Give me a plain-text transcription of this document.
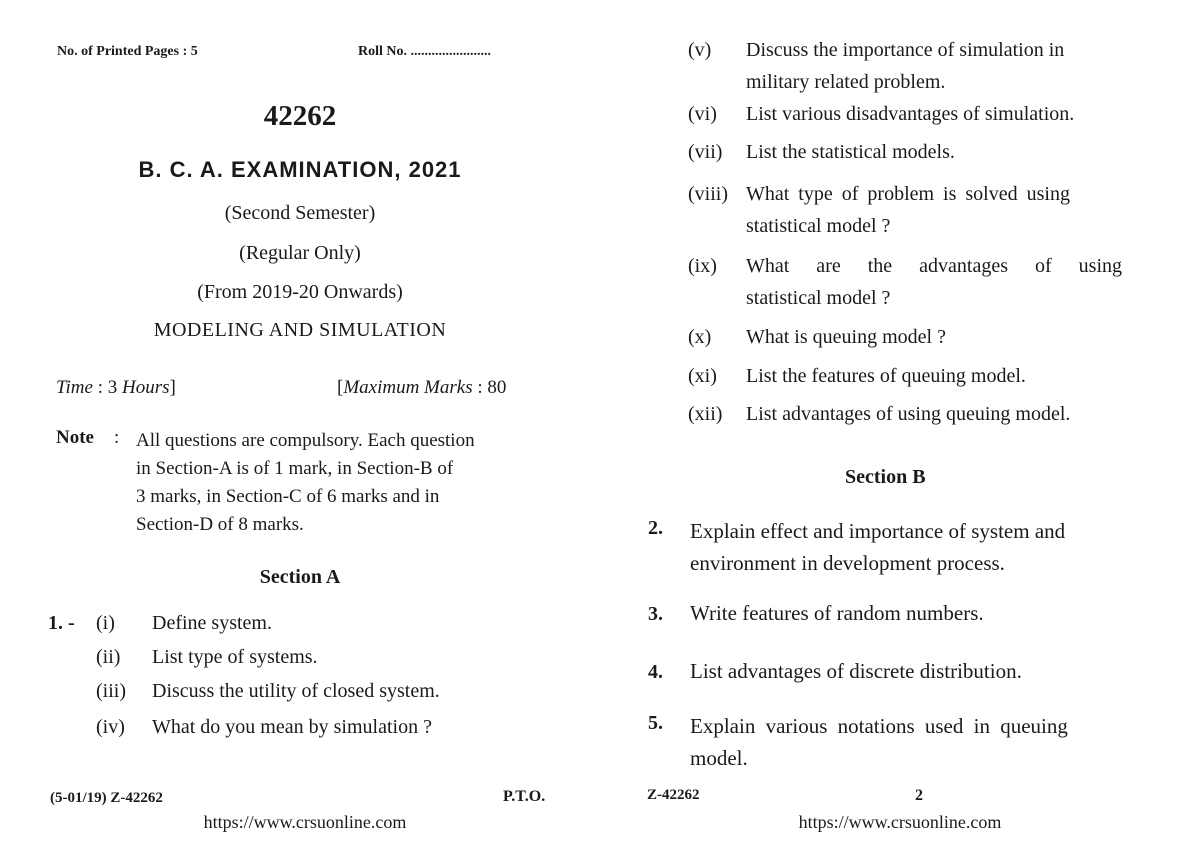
No. of Printed Pages : 5	Roll No. .......................
42262
B. C. A. EXAMINATION, 2021
(Second Semester)
(Regular Only)
(From 2019-20 Onwards)
MODELING AND SIMULATION
Time : 3 Hours]	[Maximum Marks : 80
Note : All questions are compulsory. Each question
in Section-A is of 1 mark, in Section-B of
3 marks, in Section-C of 6 marks and in
Section-D of 8 marks.
Section A
1. - (i) Define system.
(ii) List type of systems.
(iii) Discuss the utility of closed system.
(iv) What do you mean by simulation ?
(5-01/19) Z-42262	P.T.O.
https://www.crsuonline.com
(v) Discuss the importance of simulation in
military related problem.
(vi) List various disadvantages of simulation.
(vii) List the statistical models.
(viii) What type of problem is solved using
statistical model ?
(ix) What are the advantages of using
statistical model ?
(x) What is queuing model ?
(xi) List the features of queuing model.
(xii) List advantages of using queuing model.
Section B
2. Explain effect and importance of system and
environment in development process.
3. Write features of random numbers.
4. List advantages of discrete distribution.
5. Explain various notations used in queuing
model.
Z-42262	2
https://www.crsuonline.com
